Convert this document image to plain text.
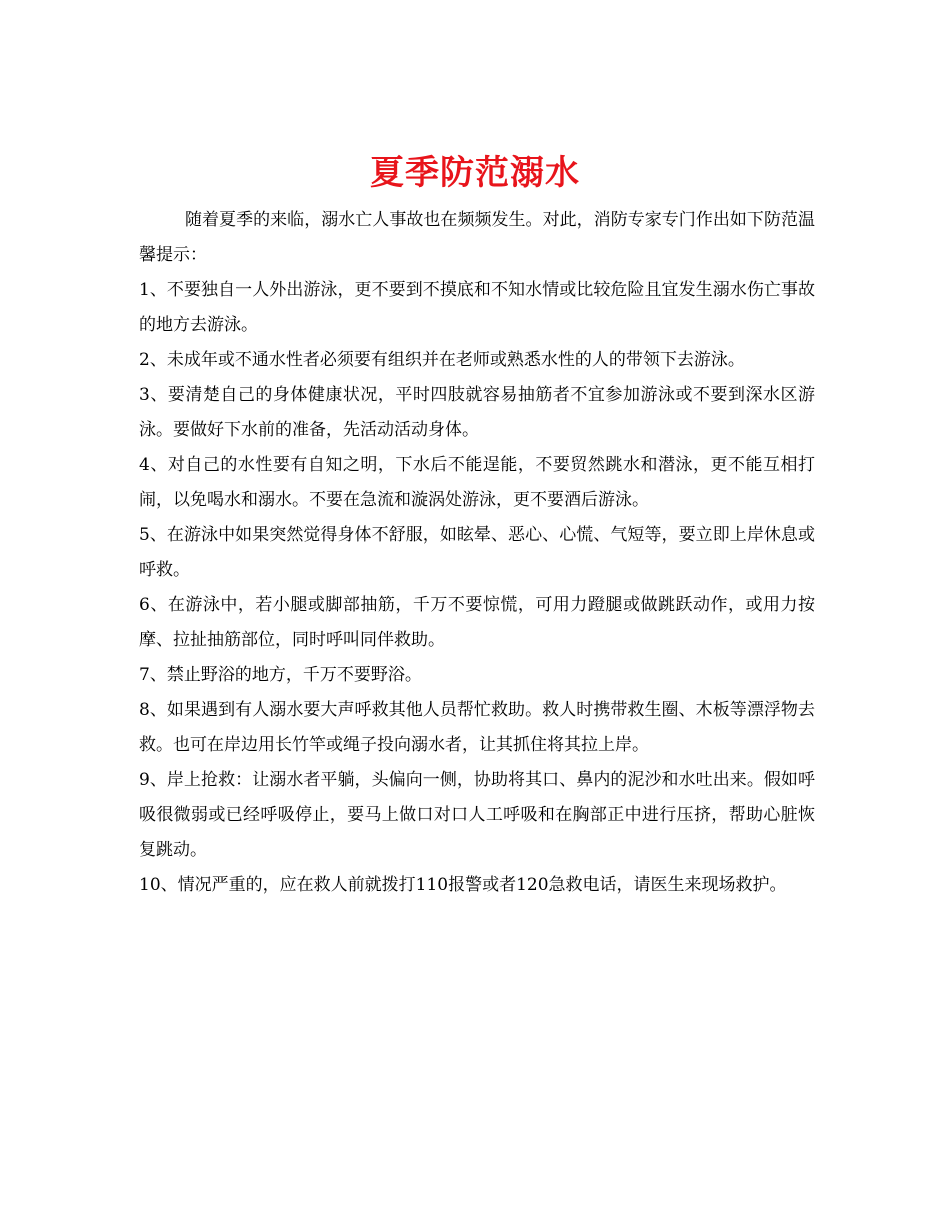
夏季防范溺水

随着夏季的来临，溺水亡人事故也在频频发生。对此，消防专家专门作出如下防范温馨提示：

1、不要独自一人外出游泳，更不要到不摸底和不知水情或比较危险且宜发生溺水伤亡事故的地方去游泳。

2、未成年或不通水性者必须要有组织并在老师或熟悉水性的人的带领下去游泳。

3、要清楚自己的身体健康状况，平时四肢就容易抽筋者不宜参加游泳或不要到深水区游泳。要做好下水前的准备，先活动活动身体。

4、对自己的水性要有自知之明，下水后不能逞能，不要贸然跳水和潜泳，更不能互相打闹，以免喝水和溺水。不要在急流和漩涡处游泳，更不要酒后游泳。

5、在游泳中如果突然觉得身体不舒服，如眩晕、恶心、心慌、气短等，要立即上岸休息或呼救。

6、在游泳中，若小腿或脚部抽筋，千万不要惊慌，可用力蹬腿或做跳跃动作，或用力按摩、拉扯抽筋部位，同时呼叫同伴救助。

7、禁止野浴的地方，千万不要野浴。

8、如果遇到有人溺水要大声呼救其他人员帮忙救助。救人时携带救生圈、木板等漂浮物去救。也可在岸边用长竹竿或绳子投向溺水者，让其抓住将其拉上岸。

9、岸上抢救：让溺水者平躺，头偏向一侧，协助将其口、鼻内的泥沙和水吐出来。假如呼吸很微弱或已经呼吸停止，要马上做口对口人工呼吸和在胸部正中进行压挤，帮助心脏恢复跳动。

10、情况严重的，应在救人前就拨打110报警或者120急救电话，请医生来现场救护。
